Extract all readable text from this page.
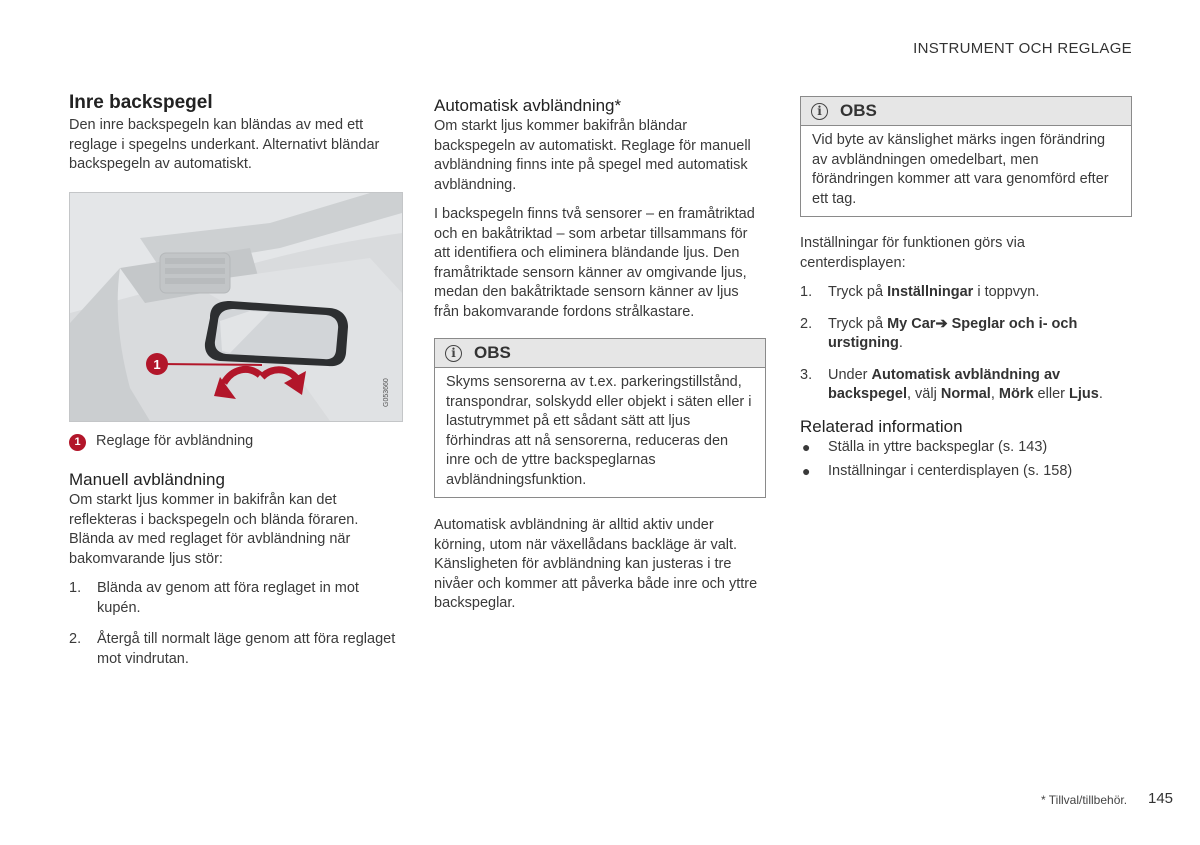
INSTRUMENT OCH REGLAGE
Inre backspegel

Den inre backspegeln kan bländas av med ett reglage i spegelns underkant. Alternativt bländar backspegeln av automatiskt.

1
G053660
1	Reglage för avbländning

Manuell avbländning

Om starkt ljus kommer in bakifrån kan det reflekteras i backspegeln och blända föraren. Blända av med reglaget för avbländning när bakomvarande ljus stör:

1. Blända av genom att föra reglaget in mot kupén.
2. Återgå till normalt läge genom att föra reglaget mot vindrutan.
Automatisk avbländning*

Om starkt ljus kommer bakifrån bländar backspegeln av automatiskt. Reglage för manuell avbländning finns inte på spegel med automatisk avbländning.

I backspegeln finns två sensorer – en framåtriktad och en bakåtriktad – som arbetar tillsammans för att identifiera och eliminera bländande ljus. Den framåtriktade sensorn känner av omgivande ljus, medan den bakåtriktade sensorn känner av ljus från bakomvarande fordons strålkastare.

i	OBS

Skyms sensorerna av t.ex. parkeringstillstånd, transpondrar, solskydd eller objekt i säten eller i lastutrymmet på ett sådant sätt att ljus förhindras att nå sensorerna, reduceras den inre och de yttre backspeglarnas avbländningsfunktion.

Automatisk avbländning är alltid aktiv under körning, utom när växellådans backläge är valt. Känsligheten för avbländning kan justeras i tre nivåer och kommer att påverka både inre och yttre backspeglar.

i	OBS

Vid byte av känslighet märks ingen förändring av avbländningen omedelbart, men förändringen kommer att vara genomförd efter ett tag.

Inställningar för funktionen görs via centerdisplayen:

1. Tryck på Inställningar i toppvyn.
2. Tryck på My Car➔ Speglar och i- och urstigning.
3. Under Automatisk avbländning av backspegel, välj Normal, Mörk eller Ljus.
Relaterad information
● Ställa in yttre backspeglar (s. 143)
● Inställningar i centerdisplayen (s. 158)
* Tillval/tillbehör. 145
